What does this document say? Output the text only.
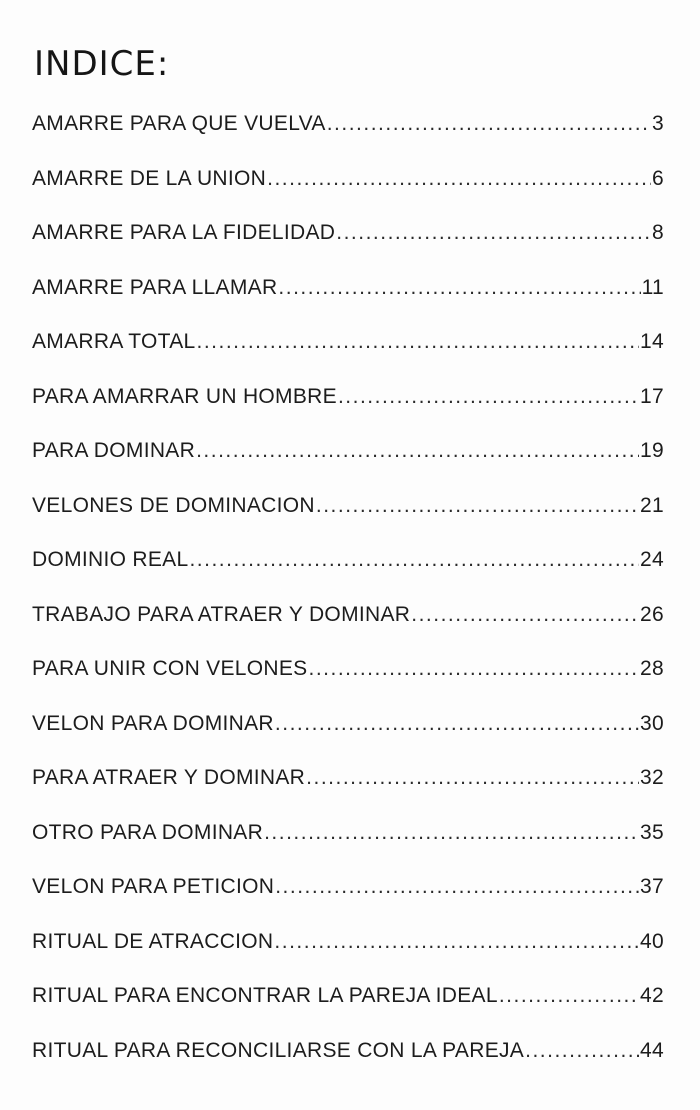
INDICE:
AMARRE PARA QUE VUELVA .....	3
AMARRE DE LA UNION .....	6
AMARRE PARA LA FIDELIDAD .....	8
AMARRE PARA LLAMAR .....	11
AMARRA TOTAL .....	14
PARA AMARRAR UN HOMBRE .....	17
PARA DOMINAR .....	19
VELONES DE DOMINACION .....	21
DOMINIO REAL .....	24
TRABAJO PARA ATRAER Y DOMINAR .....	26
PARA UNIR CON VELONES .....	28
VELON PARA DOMINAR .....	30
PARA ATRAER Y DOMINAR .....	32
OTRO PARA DOMINAR .....	35
VELON PARA PETICION .....	37
RITUAL DE ATRACCION .....	40
RITUAL PARA ENCONTRAR LA PAREJA IDEAL .....	42
RITUAL PARA RECONCILIARSE CON LA PAREJA .....	44
